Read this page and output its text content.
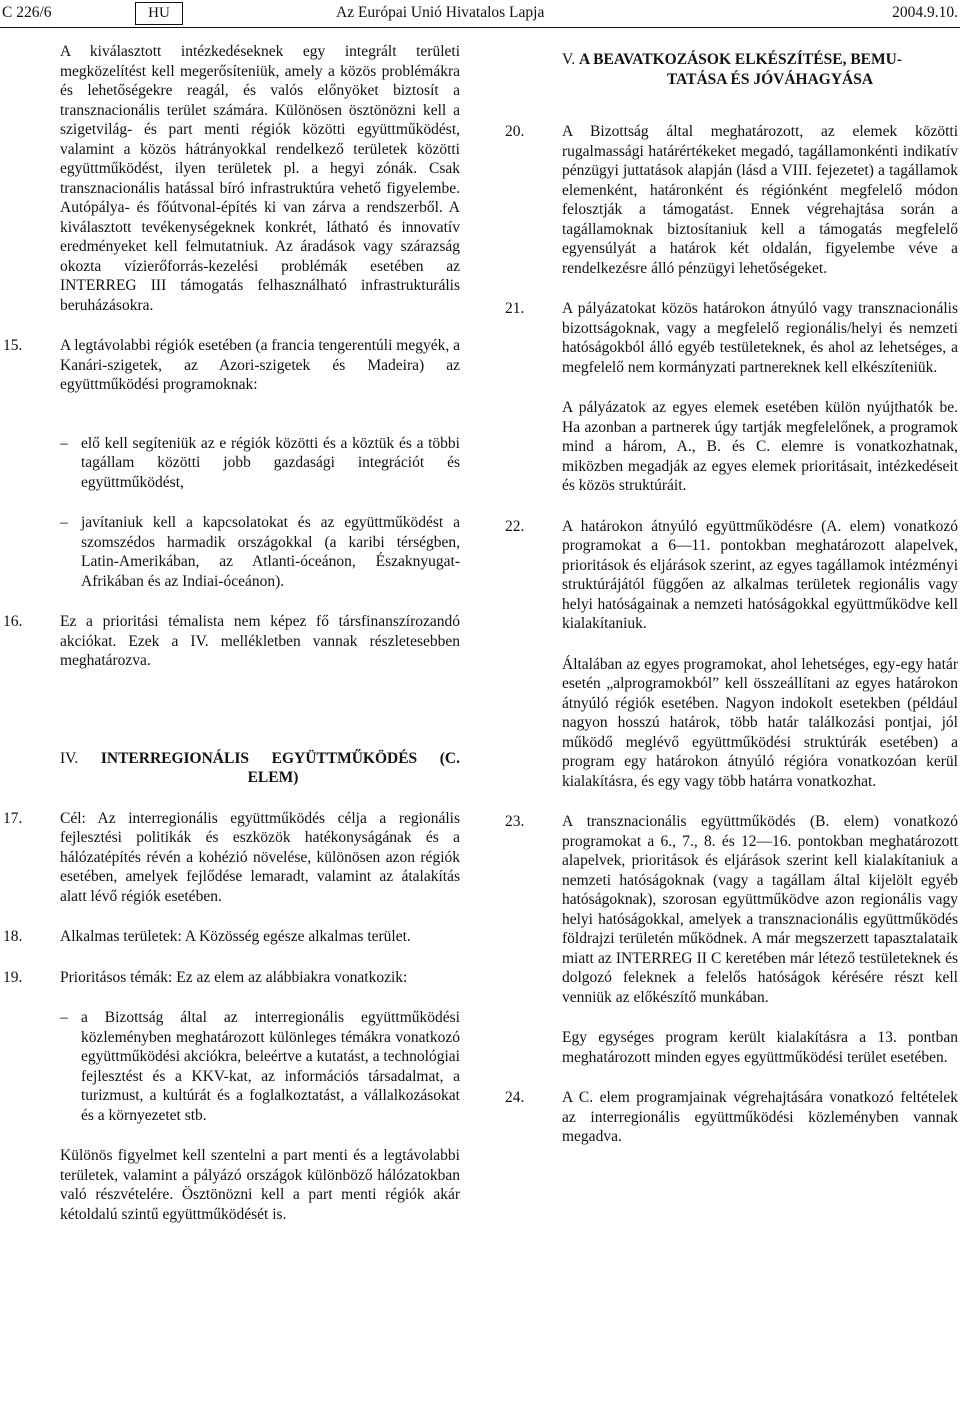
C 226/6	HU	Az Európai Unió Hivatalos Lapja	2004.9.10.

A kiválasztott intézkedéseknek egy integrált területi megközelítést kell megerősíteniük, amely a közös problémákra és lehetőségekre reagál, és valós előnyöket biztosít a transznacionális terület számára. Különösen ösztönözni kell a szigetvilág- és part menti régiók közötti együttműködést, valamint a közös hátrányokkal rendelkező területek közötti együttműködést, ilyen területek pl. a hegyi zónák. Csak transznacionális hatással bíró infrastruktúra vehető figyelembe. Autópálya- és főútvonal-építés ki van zárva a rendszerből. A kiválasztott tevékenységeknek konkrét, látható és innovatív eredményeket kell felmutatniuk. Az áradások vagy szárazság okozta vízierőforrás-kezelési problémák esetében az INTERREG III támogatás felhasználható infrastrukturális beruházásokra.

15. A legtávolabbi régiók esetében (a francia tengerentúli megyék, a Kanári-szigetek, az Azori-szigetek és Madeira) az együttműködési programoknak:
– elő kell segíteniük az e régiók közötti és a köztük és a többi tagállam közötti jobb gazdasági integrációt és együttműködést,
– javítaniuk kell a kapcsolatokat és az együttműködést a szomszédos harmadik országokkal (a karibi térségben, Latin-Amerikában, az Atlanti-óceánon, Északnyugat-Afrikában és az Indiai-óceánon).
16. Ez a prioritási témalista nem képez fő társfinanszírozandó akciókat. Ezek a IV. mellékletben vannak részletesebben meghatározva.
IV. INTERREGIONÁLIS EGYÜTTMŰKÖDÉS (C.
ELEM)
17. Cél: Az interregionális együttműködés célja a regionális fejlesztési politikák és eszközök hatékonyságának és a hálózatépítés révén a kohézió növelése, különösen azon régiók esetében, amelyek fejlődése lemaradt, valamint az átalakítás alatt lévő régiók esetében.
18. Alkalmas területek: A Közösség egésze alkalmas terület.
19. Prioritásos témák: Ez az elem az alábbiakra vonatkozik:
– a Bizottság által az interregionális együttműködési közleményben meghatározott különleges témákra vonatkozó együttműködési akciókra, beleértve a kutatást, a technológiai fejlesztést és a KKV-kat, az információs társadalmat, a turizmust, a kultúrát és a foglalkoztatást, a vállalkozásokat és a környezetet stb.

Különös figyelmet kell szentelni a part menti és a legtávolabbi területek, valamint a pályázó országok különböző hálózatokban való részvételére. Ösztönözni kell a part menti régiók akár kétoldalú szintű együttműködését is.

V. A BEAVATKOZÁSOK ELKÉSZÍTÉSE, BEMU-
TATÁSA ÉS JÓVÁHAGYÁSA
20. A Bizottság által meghatározott, az elemek közötti rugalmassági határértékeket megadó, tagállamonkénti indikatív pénzügyi juttatások alapján (lásd a VIII. fejezetet) a tagállamok elemenként, határonként és régiónként megfelelő módon felosztják a támogatást. Ennek végrehajtása során a tagállamoknak biztosítaniuk kell a támogatás megfelelő egyensúlyát a határok két oldalán, figyelembe véve a rendelkezésre álló pénzügyi lehetőségeket.
21. A pályázatokat közös határokon átnyúló vagy transznacionális bizottságoknak, vagy a megfelelő regionális/helyi és nemzeti hatóságokból álló egyéb testületeknek, és ahol az lehetséges, a megfelelő nem kormányzati partnereknek kell elkészíteniük.

A pályázatok az egyes elemek esetében külön nyújthatók be. Ha azonban a partnerek úgy tartják megfelelőnek, a programok mind a három, A., B. és C. elemre is vonatkozhatnak, miközben megadják az egyes elemek prioritásait, intézkedéseit és közös struktúráit.

22. A határokon átnyúló együttműködésre (A. elem) vonatkozó programokat a 6—11. pontokban meghatározott alapelvek, prioritások és eljárások szerint, az egyes tagállamok intézményi struktúrájától függően az alkalmas területek regionális vagy helyi hatóságainak a nemzeti hatóságokkal együttműködve kell kialakítaniuk.

Általában az egyes programokat, ahol lehetséges, egy-egy határ esetén „alprogramokból” kell összeállítani az egyes határokon átnyúló régiók esetében. Nagyon indokolt esetekben (például nagyon hosszú határok, több határ találkozási pontjai, jól működő meglévő együttműködési struktúrák esetében) a program egy határokon átnyúló régióra vonatkozóan kerül kialakításra, és egy vagy több határra vonatkozhat.

23. A transznacionális együttműködés (B. elem) vonatkozó programokat a 6., 7., 8. és 12—16. pontokban meghatározott alapelvek, prioritások és eljárások szerint kell kialakítaniuk a nemzeti hatóságoknak (vagy a tagállam által kijelölt egyéb hatóságoknak), szorosan együttműködve azon regionális vagy helyi hatóságokkal, amelyek a transznacionális együttműködés földrajzi területén működnek. A már megszerzett tapasztalataik miatt az INTERREG II C keretében már létező testületeknek és dolgozó feleknek a felelős hatóságok kérésére részt kell venniük az előkészítő munkában.

Egy egységes program került kialakításra a 13. pontban meghatározott minden egyes együttműködési terület esetében.

24. A C. elem programjainak végrehajtására vonatkozó feltételek az interregionális együttműködési közleményben vannak megadva.
